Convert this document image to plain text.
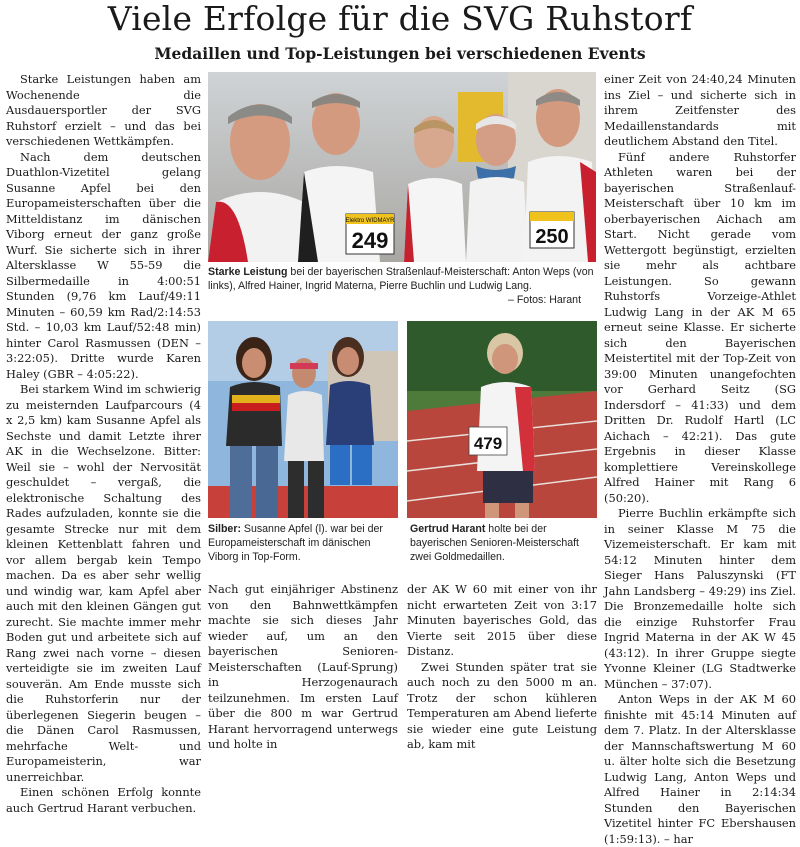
Viele Erfolge für die SVG Ruhstorf
Medaillen und Top-Leistungen bei verschiedenen Events

Starke Leistungen haben am Wochenende die Ausdauersportler der SVG Ruhstorf erzielt – und das bei verschiedenen Wettkämpfen.

Nach dem deutschen Duathlon-Vizetitel gelang Susanne Apfel bei den Europameisterschaften über die Mitteldistanz im dänischen Viborg erneut der ganz große Wurf. Sie sicherte sich in ihrer Altersklasse W 55-59 die Silbermedaille in 4:00:51 Stunden (9,76 km Lauf/49:11 Minuten – 60,59 km Rad/2:14:53 Std. – 10,03 km Lauf/52:48 min) hinter Carol Rasmussen (DEN – 3:22:05). Dritte wurde Karen Haley (GBR – 4:05:22).

Bei starkem Wind im schwierig zu meisternden Laufparcours (4 x 2,5 km) kam Susanne Apfel als Sechste und damit Letzte ihrer AK in die Wechselzone. Bitter: Weil sie – wohl der Nervosität geschuldet – vergaß, die elektronische Schaltung des Rades aufzuladen, konnte sie die gesamte Strecke nur mit dem kleinen Kettenblatt fahren und vor allem bergab kein Tempo machen. Da es aber sehr wellig und windig war, kam Apfel aber auch mit den kleinen Gängen gut zurecht. Sie machte immer mehr Boden gut und arbeitete sich auf Rang zwei nach vorne – diesen verteidigte sie im zweiten Lauf souverän. Am Ende musste sich die Ruhstorferin nur der überlegenen Siegerin beugen – die Dänen Carol Rasmussen, mehrfache Welt- und Europameisterin, war unerreichbar.

Einen schönen Erfolg konnte auch Gertrud Harant verbuchen.

249
Elektro WIDMAYR
250
Starke Leistung bei der bayerischen Straßenlauf-Meisterschaft: Anton Weps (von links), Alfred Hainer, Ingrid Materna, Pierre Buchlin und Ludwig Lang.
– Fotos: Harant
Silber: Susanne Apfel (l). war bei der Europameisterschaft im dänischen Viborg in Top-Form.
479
Gertrud Harant holte bei der bayerischen Senioren-Meisterschaft zwei Goldmedaillen.

Nach gut einjähriger Abstinenz von den Bahnwettkämpfen machte sie sich dieses Jahr wieder auf, um an den bayerischen Senioren-Meisterschaften (Lauf-Sprung) in Herzogenaurach teilzunehmen. Im ersten Lauf über die 800 m war Gertrud Harant hervorragend unterwegs und holte in

der AK W 60 mit einer von ihr nicht erwarteten Zeit von 3:17 Minuten bayerisches Gold, das Vierte seit 2015 über diese Distanz.

Zwei Stunden später trat sie auch noch zu den 5000 m an. Trotz der schon kühleren Temperaturen am Abend lieferte sie wieder eine gute Leistung ab, kam mit

einer Zeit von 24:40,24 Minuten ins Ziel – und sicherte sich in ihrem Zeitfenster des Medaillenstandards mit deutlichem Abstand den Titel.

Fünf andere Ruhstorfer Athleten waren bei der bayerischen Straßenlauf-Meisterschaft über 10 km im oberbayerischen Aichach am Start. Nicht gerade vom Wettergott begünstigt, erzielten sie mehr als achtbare Leistungen. So gewann Ruhstorfs Vorzeige-Athlet Ludwig Lang in der AK M 65 erneut seine Klasse. Er sicherte sich den Bayerischen Meistertitel mit der Top-Zeit von 39:00 Minuten unangefochten vor Gerhard Seitz (SG Indersdorf – 41:33) und dem Dritten Dr. Rudolf Hartl (LC Aichach – 42:21). Das gute Ergebnis in dieser Klasse komplettiere Vereinskollege Alfred Hainer mit Rang 6 (50:20).

Pierre Buchlin erkämpfte sich in seiner Klasse M 75 die Vizemeisterschaft. Er kam mit 54:12 Minuten hinter dem Sieger Hans Paluszynski (FT Jahn Landsberg – 49:29) ins Ziel. Die Bronzemedaille holte sich die einzige Ruhstorfer Frau Ingrid Materna in der AK W 45 (43:12). In ihrer Gruppe siegte Yvonne Kleiner (LG Stadtwerke München – 37:07).

Anton Weps in der AK M 60 finishte mit 45:14 Minuten auf dem 7. Platz. In der Altersklasse der Mannschaftswertung M 60 u. älter holte sich die Besetzung Ludwig Lang, Anton Weps und Alfred Hainer in 2:14:34 Stunden den Bayerischen Vizetitel hinter FC Ebershausen (1:59:13). – har
